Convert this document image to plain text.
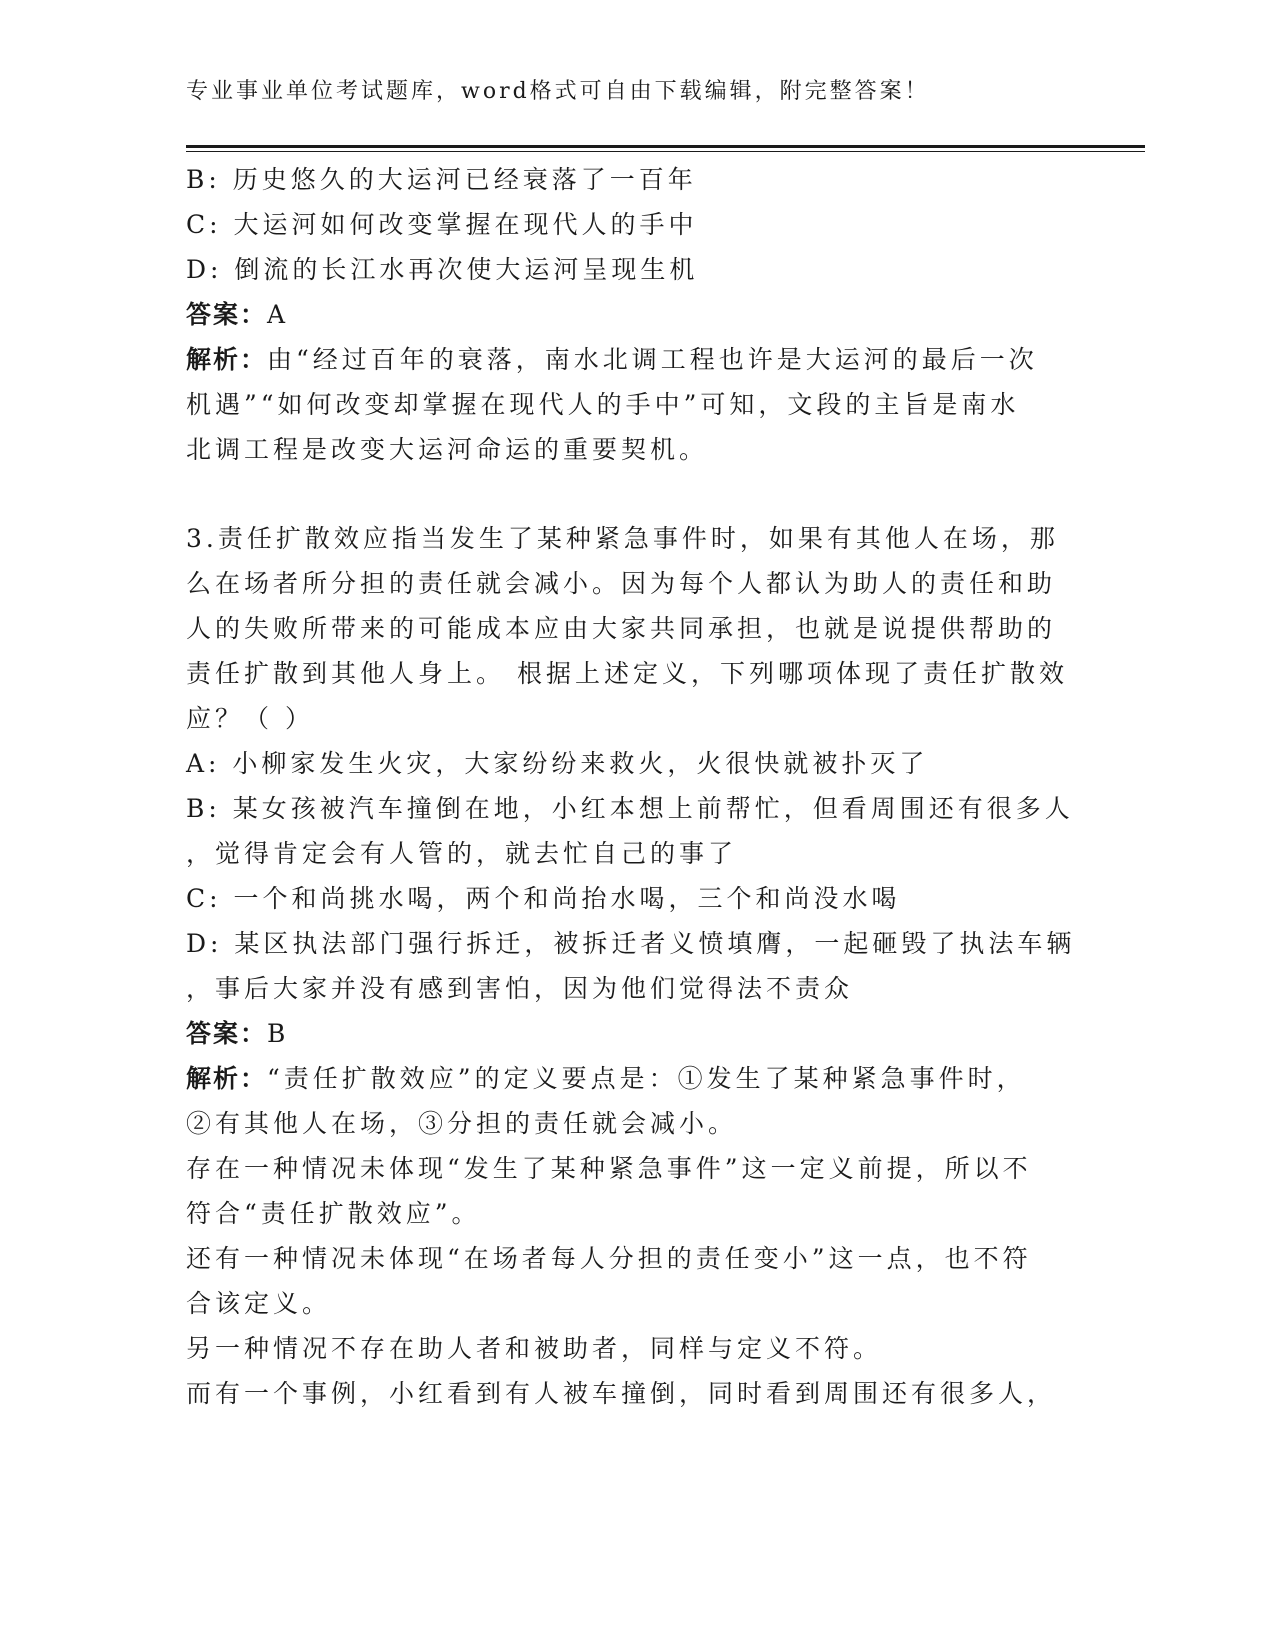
专业事业单位考试题库，word格式可自由下载编辑，附完整答案！
B: 历史悠久的大运河已经衰落了一百年
C: 大运河如何改变掌握在现代人的手中
D: 倒流的长江水再次使大运河呈现生机
答案：A
解析：由“经过百年的衰落，南水北调工程也许是大运河的最后一次
机遇”“如何改变却掌握在现代人的手中”可知，文段的主旨是南水
北调工程是改变大运河命运的重要契机。
3.责任扩散效应指当发生了某种紧急事件时，如果有其他人在场，那
么在场者所分担的责任就会减小。因为每个人都认为助人的责任和助
人的失败所带来的可能成本应由大家共同承担，也就是说提供帮助的
责任扩散到其他人身上。 根据上述定义，下列哪项体现了责任扩散效
应？（ ）
A: 小柳家发生火灾，大家纷纷来救火，火很快就被扑灭了
B: 某女孩被汽车撞倒在地，小红本想上前帮忙，但看周围还有很多人
，觉得肯定会有人管的，就去忙自己的事了
C: 一个和尚挑水喝，两个和尚抬水喝，三个和尚没水喝
D: 某区执法部门强行拆迁，被拆迁者义愤填膺，一起砸毁了执法车辆
，事后大家并没有感到害怕，因为他们觉得法不责众
答案：B
解析：“责任扩散效应”的定义要点是：①发生了某种紧急事件时，
②有其他人在场，③分担的责任就会减小。
存在一种情况未体现“发生了某种紧急事件”这一定义前提，所以不
符合“责任扩散效应”。
还有一种情况未体现“在场者每人分担的责任变小”这一点，也不符
合该定义。
另一种情况不存在助人者和被助者，同样与定义不符。
而有一个事例，小红看到有人被车撞倒，同时看到周围还有很多人，
